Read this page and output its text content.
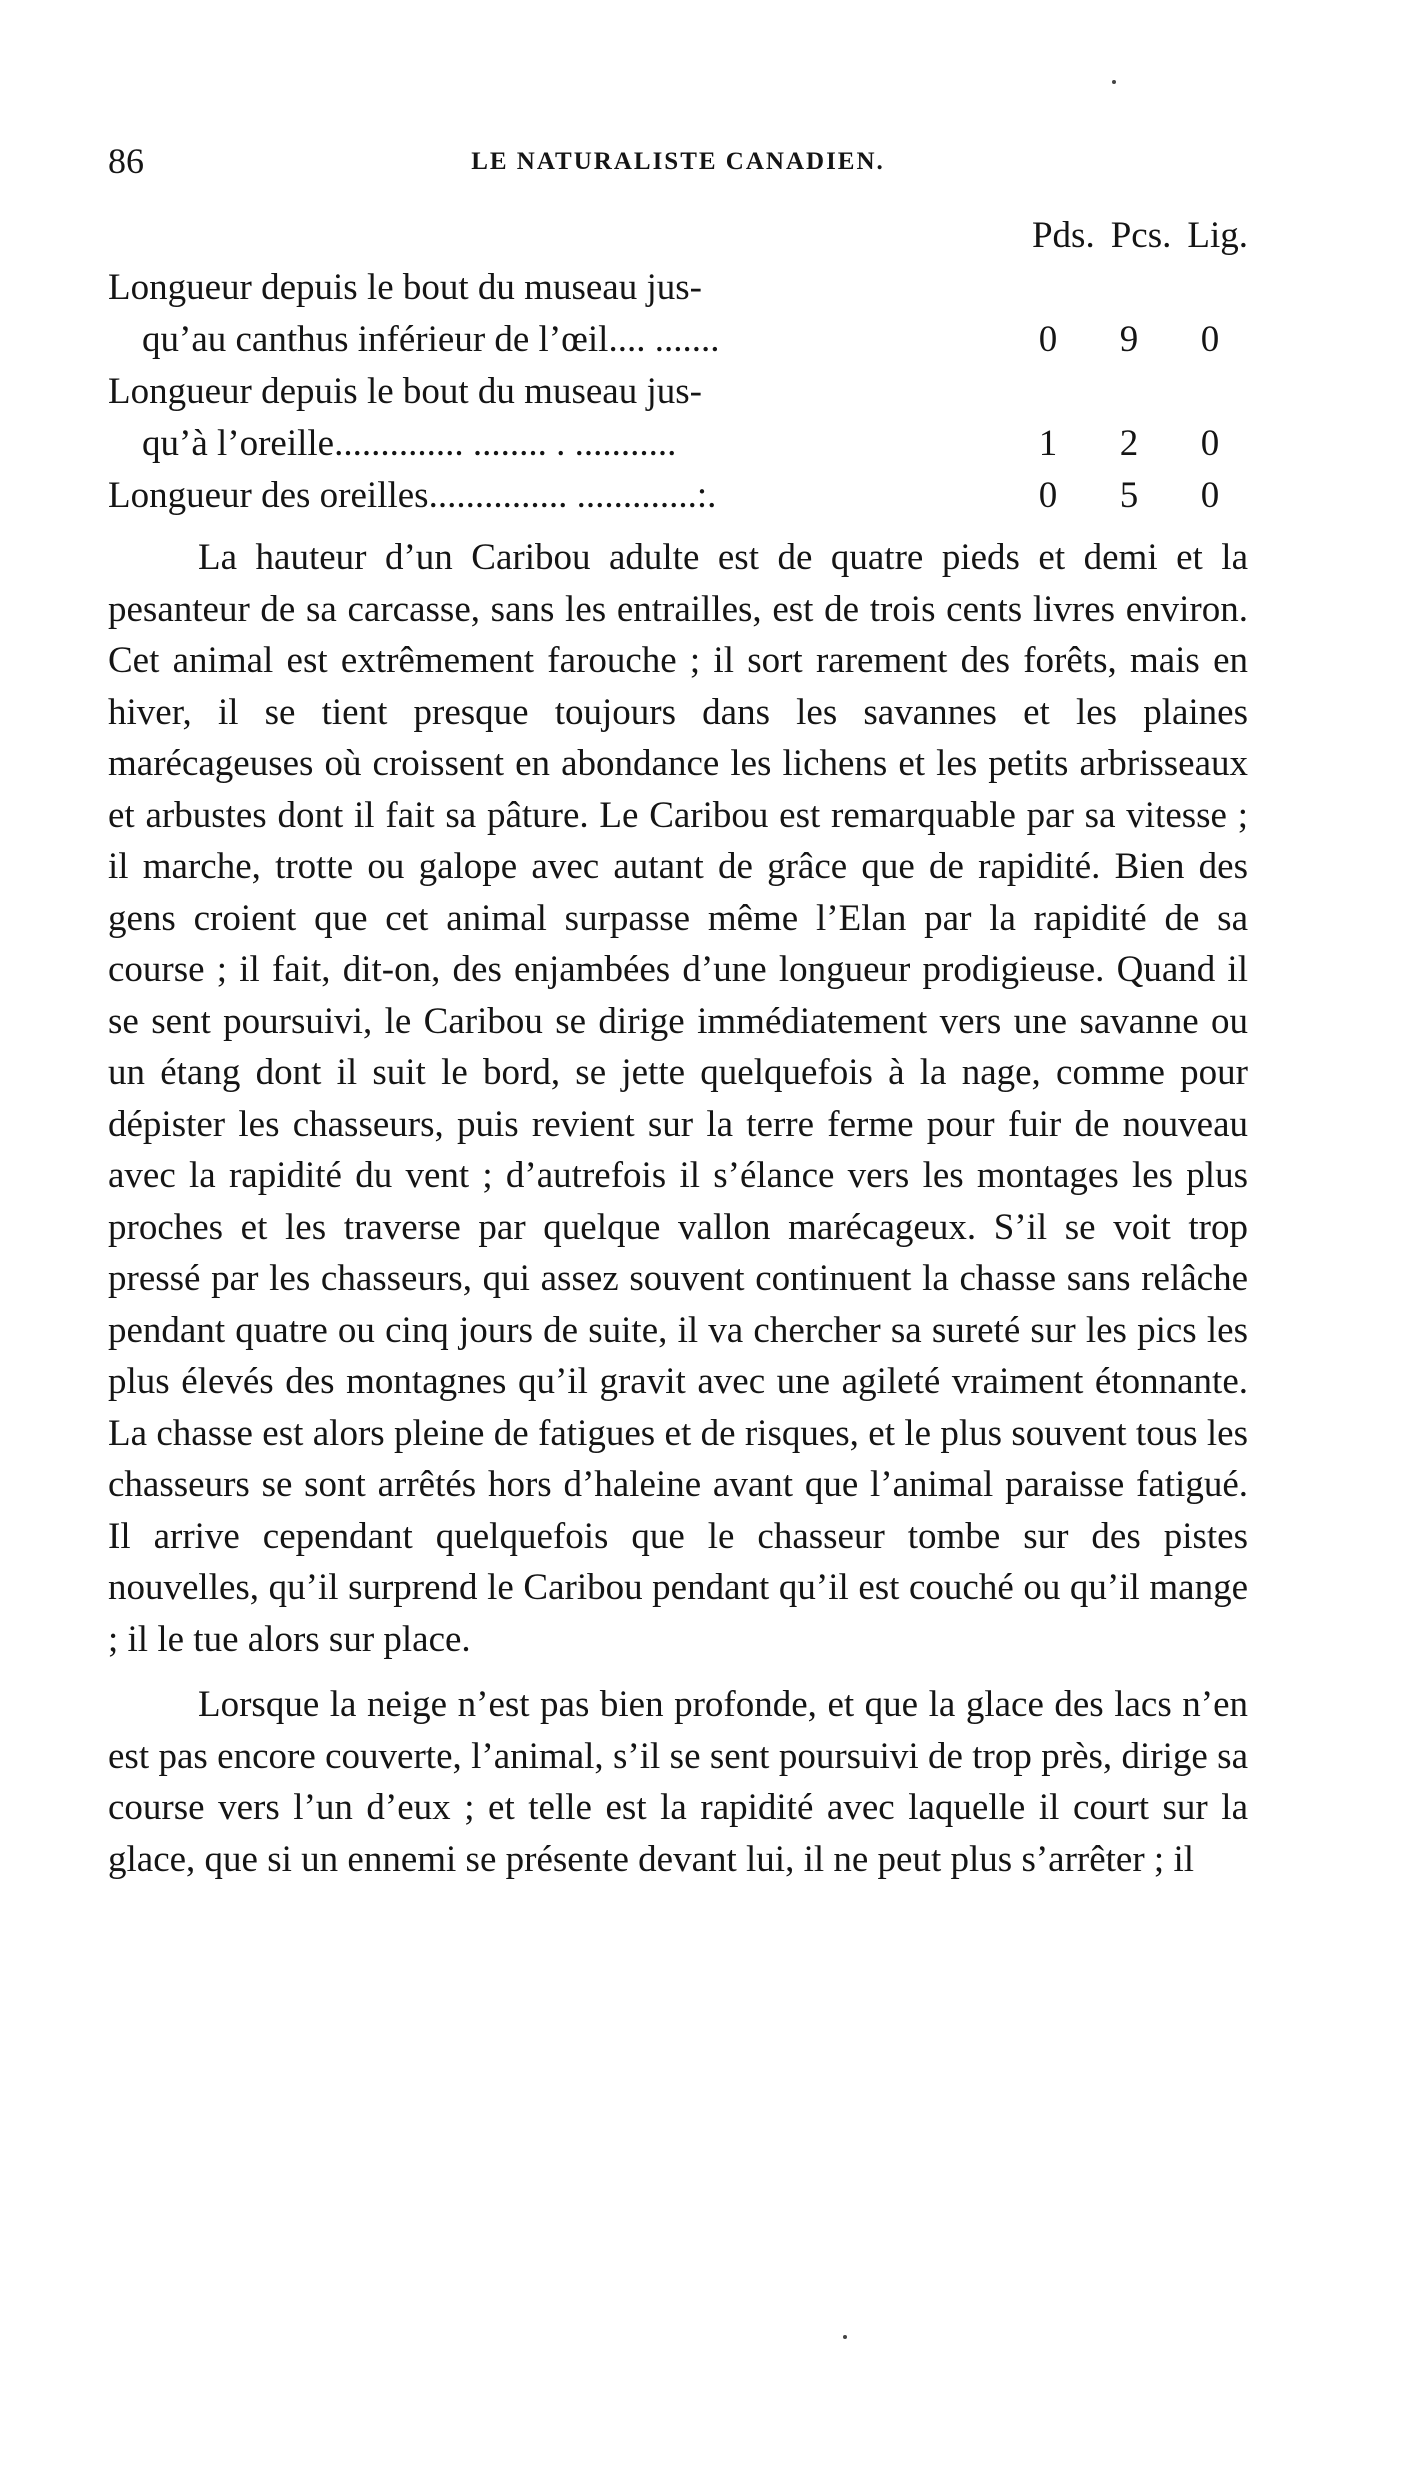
86	LE NATURALISTE CANADIEN.
Pds. Pcs. Lig.
Longueur depuis le bout du museau jus-
qu’au canthus inférieur de l’œil.... .......	0 9 0
Longueur depuis le bout du museau jus-
qu’à l’oreille.............. ........ . ...........	1 2 0
Longueur des oreilles............... .............:.	0 5 0

La hauteur d’un Caribou adulte est de quatre pieds et demi et la pesanteur de sa carcasse, sans les entrailles, est de trois cents livres environ. Cet animal est extrêmement farouche ; il sort rarement des forêts, mais en hiver, il se tient presque toujours dans les savannes et les plaines marécageuses où croissent en abondance les lichens et les petits arbrisseaux et arbustes dont il fait sa pâture. Le Caribou est remarquable par sa vitesse ; il marche, trotte ou galope avec autant de grâce que de rapidité. Bien des gens croient que cet animal surpasse même l’Elan par la rapidité de sa course ; il fait, dit-on, des enjambées d’une longueur prodigieuse. Quand il se sent poursuivi, le Caribou se dirige immédiatement vers une savanne ou un étang dont il suit le bord, se jette quelquefois à la nage, comme pour dépister les chasseurs, puis revient sur la terre ferme pour fuir de nouveau avec la rapidité du vent ; d’autrefois il s’élance vers les montages les plus proches et les traverse par quelque vallon marécageux. S’il se voit trop pressé par les chasseurs, qui assez souvent continuent la chasse sans relâche pendant quatre ou cinq jours de suite, il va chercher sa sureté sur les pics les plus élevés des montagnes qu’il gravit avec une agileté vraiment étonnante. La chasse est alors pleine de fatigues et de risques, et le plus souvent tous les chasseurs se sont arrêtés hors d’haleine avant que l’animal paraisse fatigué. Il arrive cependant quelquefois que le chasseur tombe sur des pistes nouvelles, qu’il surprend le Caribou pendant qu’il est couché ou qu’il mange ; il le tue alors sur place.

Lorsque la neige n’est pas bien profonde, et que la glace des lacs n’en est pas encore couverte, l’animal, s’il se sent poursuivi de trop près, dirige sa course vers l’un d’eux ; et telle est la rapidité avec laquelle il court sur la glace, que si un ennemi se présente devant lui, il ne peut plus s’arrêter ; il
